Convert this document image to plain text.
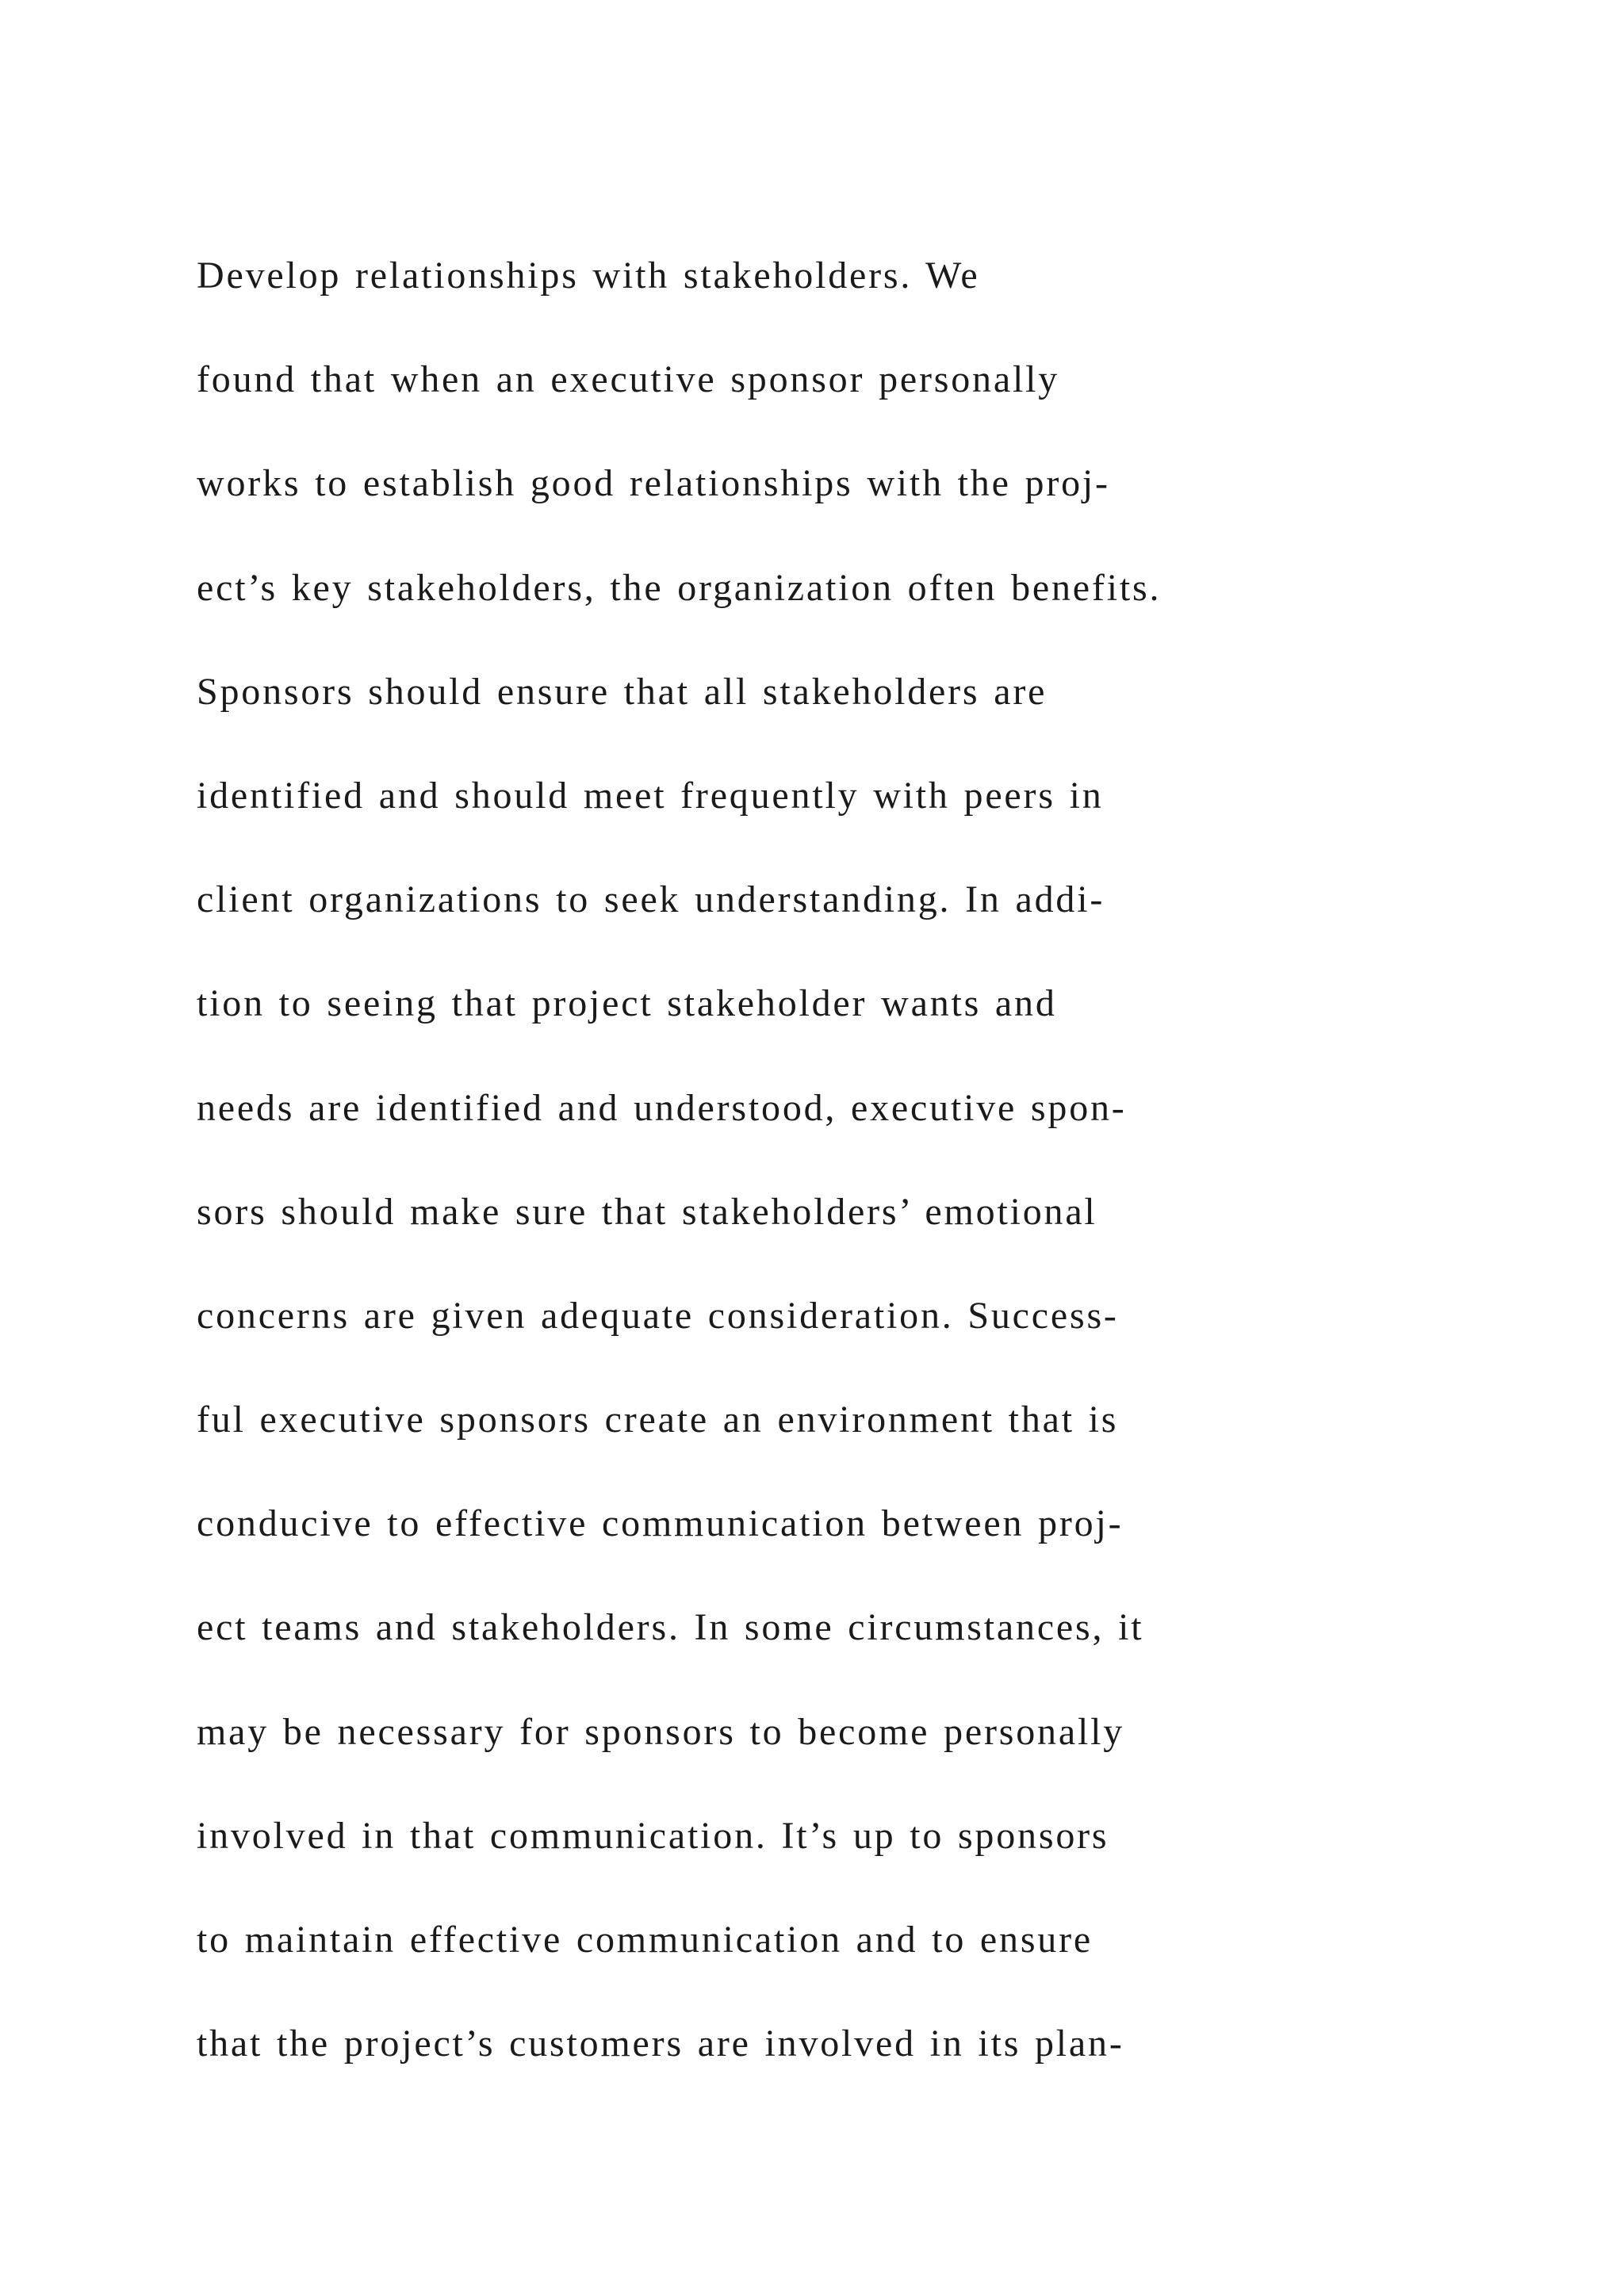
Develop relationships with stakeholders. We
found that when an executive sponsor personally
works to establish good relationships with the proj-
ect’s key stakeholders, the organization often benefits.
Sponsors should ensure that all stakeholders are
identified and should meet frequently with peers in
client organizations to seek understanding. In addi-
tion to seeing that project stakeholder wants and
needs are identified and understood, executive spon-
sors should make sure that stakeholders’ emotional
concerns are given adequate consideration. Success-
ful executive sponsors create an environment that is
conducive to effective communication between proj-
ect teams and stakeholders. In some circumstances, it
may be necessary for sponsors to become personally
involved in that communication. It’s up to sponsors
to maintain effective communication and to ensure
that the project’s customers are involved in its plan-
